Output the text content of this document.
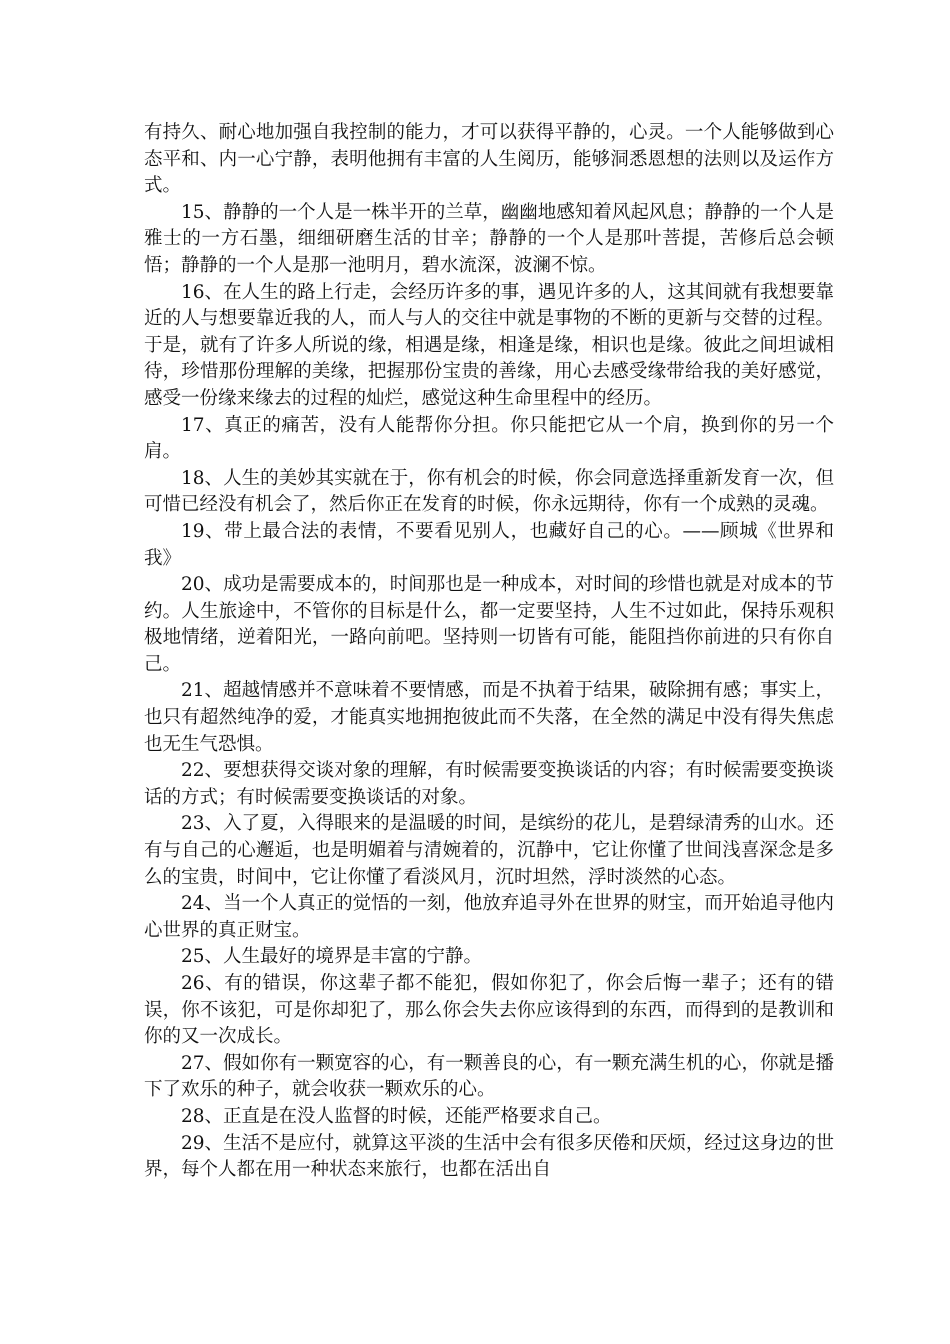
有持久、耐心地加强自我控制的能力，才可以获得平静的，心灵。一个人能够做到心态平和、内一心宁静，表明他拥有丰富的人生阅历，能够洞悉恩想的法则以及运作方式。

15、静静的一个人是一株半开的兰草，幽幽地感知着风起风息；静静的一个人是雅士的一方石墨，细细研磨生活的甘辛；静静的一个人是那叶菩提，苦修后总会顿悟；静静的一个人是那一池明月，碧水流深，波澜不惊。

16、在人生的路上行走，会经历许多的事，遇见许多的人，这其间就有我想要靠近的人与想要靠近我的人，而人与人的交往中就是事物的不断的更新与交替的过程。于是，就有了许多人所说的缘，相遇是缘，相逢是缘，相识也是缘。彼此之间坦诚相待，珍惜那份理解的美缘，把握那份宝贵的善缘，用心去感受缘带给我的美好感觉，感受一份缘来缘去的过程的灿烂，感觉这种生命里程中的经历。

17、真正的痛苦，没有人能帮你分担。你只能把它从一个肩，换到你的另一个肩。

18、人生的美妙其实就在于，你有机会的时候，你会同意选择重新发育一次，但可惜已经没有机会了，然后你正在发育的时候，你永远期待，你有一个成熟的灵魂。

19、带上最合法的表情，不要看见别人，也藏好自己的心。——顾城《世界和我》

20、成功是需要成本的，时间那也是一种成本，对时间的珍惜也就是对成本的节约。人生旅途中，不管你的目标是什么，都一定要坚持，人生不过如此，保持乐观积极地情绪，逆着阳光，一路向前吧。坚持则一切皆有可能，能阻挡你前进的只有你自己。

21、超越情感并不意味着不要情感，而是不执着于结果，破除拥有感；事实上，也只有超然纯净的爱，才能真实地拥抱彼此而不失落，在全然的满足中没有得失焦虑也无生气恐惧。

22、要想获得交谈对象的理解，有时候需要变换谈话的内容；有时候需要变换谈话的方式；有时候需要变换谈话的对象。

23、入了夏，入得眼来的是温暖的时间，是缤纷的花儿，是碧绿清秀的山水。还有与自己的心邂逅，也是明媚着与清婉着的，沉静中，它让你懂了世间浅喜深念是多么的宝贵，时间中，它让你懂了看淡风月，沉时坦然，浮时淡然的心态。

24、当一个人真正的觉悟的一刻，他放弃追寻外在世界的财宝，而开始追寻他内心世界的真正财宝。

25、人生最好的境界是丰富的宁静。

26、有的错误，你这辈子都不能犯，假如你犯了，你会后悔一辈子；还有的错误，你不该犯，可是你却犯了，那么你会失去你应该得到的东西，而得到的是教训和你的又一次成长。

27、假如你有一颗宽容的心，有一颗善良的心，有一颗充满生机的心，你就是播下了欢乐的种子，就会收获一颗欢乐的心。

28、正直是在没人监督的时候，还能严格要求自己。

29、生活不是应付，就算这平淡的生活中会有很多厌倦和厌烦，经过这身边的世界，每个人都在用一种状态来旅行，也都在活出自
